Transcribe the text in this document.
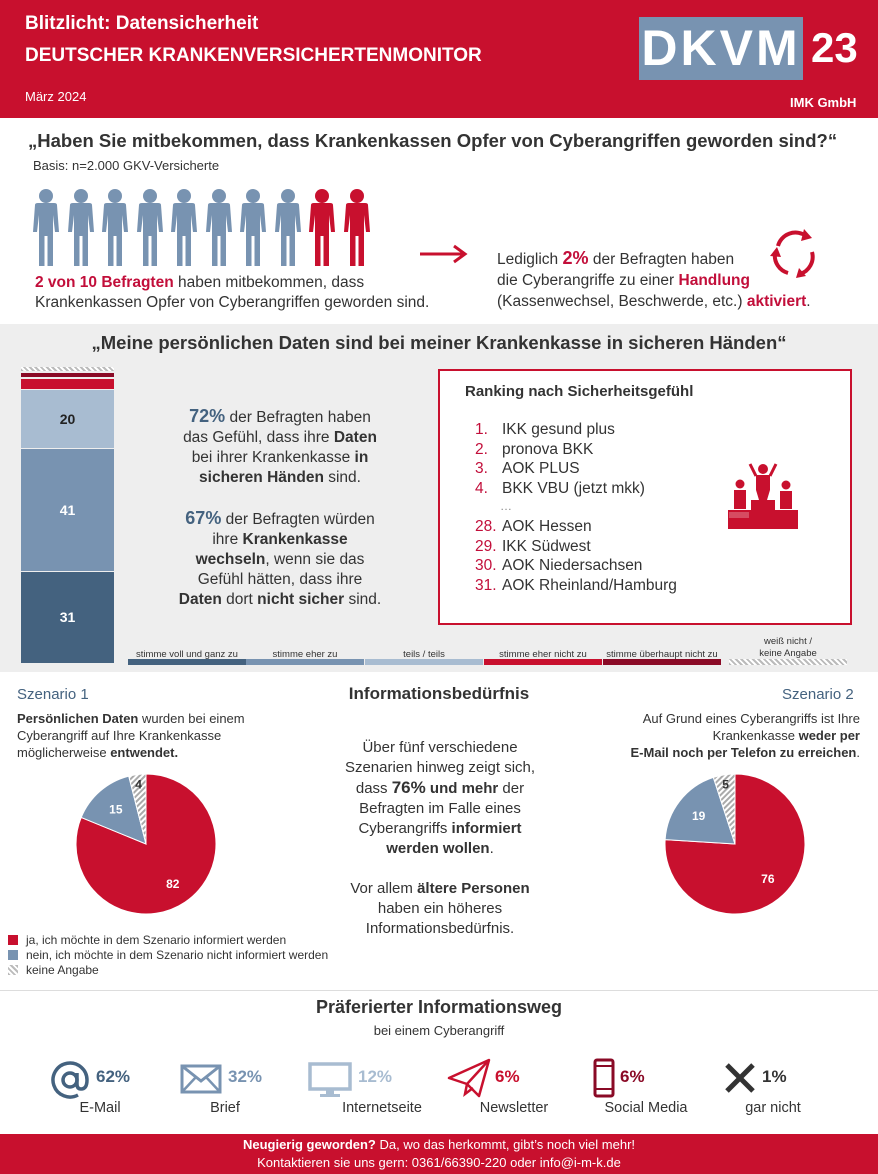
Blitzlicht: Datensicherheit
DEUTSCHER KRANKENVERSICHERTENMONITOR
März 2024
DKVM 23
IMK GmbH
„Haben Sie mitbekommen, dass Krankenkassen Opfer von Cyberangriffen geworden sind?“
Basis: n=2.000 GKV-Versicherte
2 von 10 Befragten haben mitbekommen, dass
Krankenkassen Opfer von Cyberangriffen geworden sind.
Lediglich 2% der Befragten haben
die Cyberangriffe zu einer Handlung
(Kassenwechsel, Beschwerde, etc.) aktiviert.
„Meine persönlichen Daten sind bei meiner Krankenkasse in sicheren Händen“
31
41
20	72% der Befragten haben
das Gefühl, dass ihre Daten
bei ihrer Krankenkasse in
sicheren Händen sind.
67% der Befragten würden
ihre Krankenkasse
wechseln, wenn sie das
Gefühl hätten, dass ihre
Daten dort nicht sicher sind.
Ranking nach Sicherheitsgefühl
1. IKK gesund plus
2. pronova BKK
3. AOK PLUS
4. BKK VBU (jetzt mkk)
…
28. AOK Hessen
29. IKK Südwest
30. AOK Niedersachsen
31. AOK Rheinland/Hamburg
stimme voll und ganz zu	stimme eher zu	teils / teils	stimme eher nicht zu	stimme überhaupt nicht zu
weiß nicht /
keine Angabe
Szenario 1	Informationsbedürfnis	Szenario 2
Persönlichen Daten wurden bei einem
Cyberangriff auf Ihre Krankenkasse
möglicherweise entwendet.
Auf Grund eines Cyberangriffs ist Ihre
Krankenkasse weder per
E-Mail noch per Telefon zu erreichen.
82
15
4
76
19
5
Über fünf verschiedene
Szenarien hinweg zeigt sich,
dass 76% und mehr der
Befragten im Falle eines
Cyberangriffs informiert
werden wollen.

Vor allem ältere Personen
haben ein höheres
Informationsbedürfnis.
ja, ich möchte in dem Szenario informiert werden
nein, ich möchte in dem Szenario nicht informiert werden
keine Angabe
Präferierter Informationsweg
bei einem Cyberangriff
62%
E-Mail
32%
Brief
12%
Internetseite
6%
Newsletter
6%
Social Media
1%
gar nicht
Neugierig geworden? Da, wo das herkommt, gibt’s noch viel mehr!
Kontaktieren sie uns gern: 0361/66390-220 oder info@i-m-k.de
